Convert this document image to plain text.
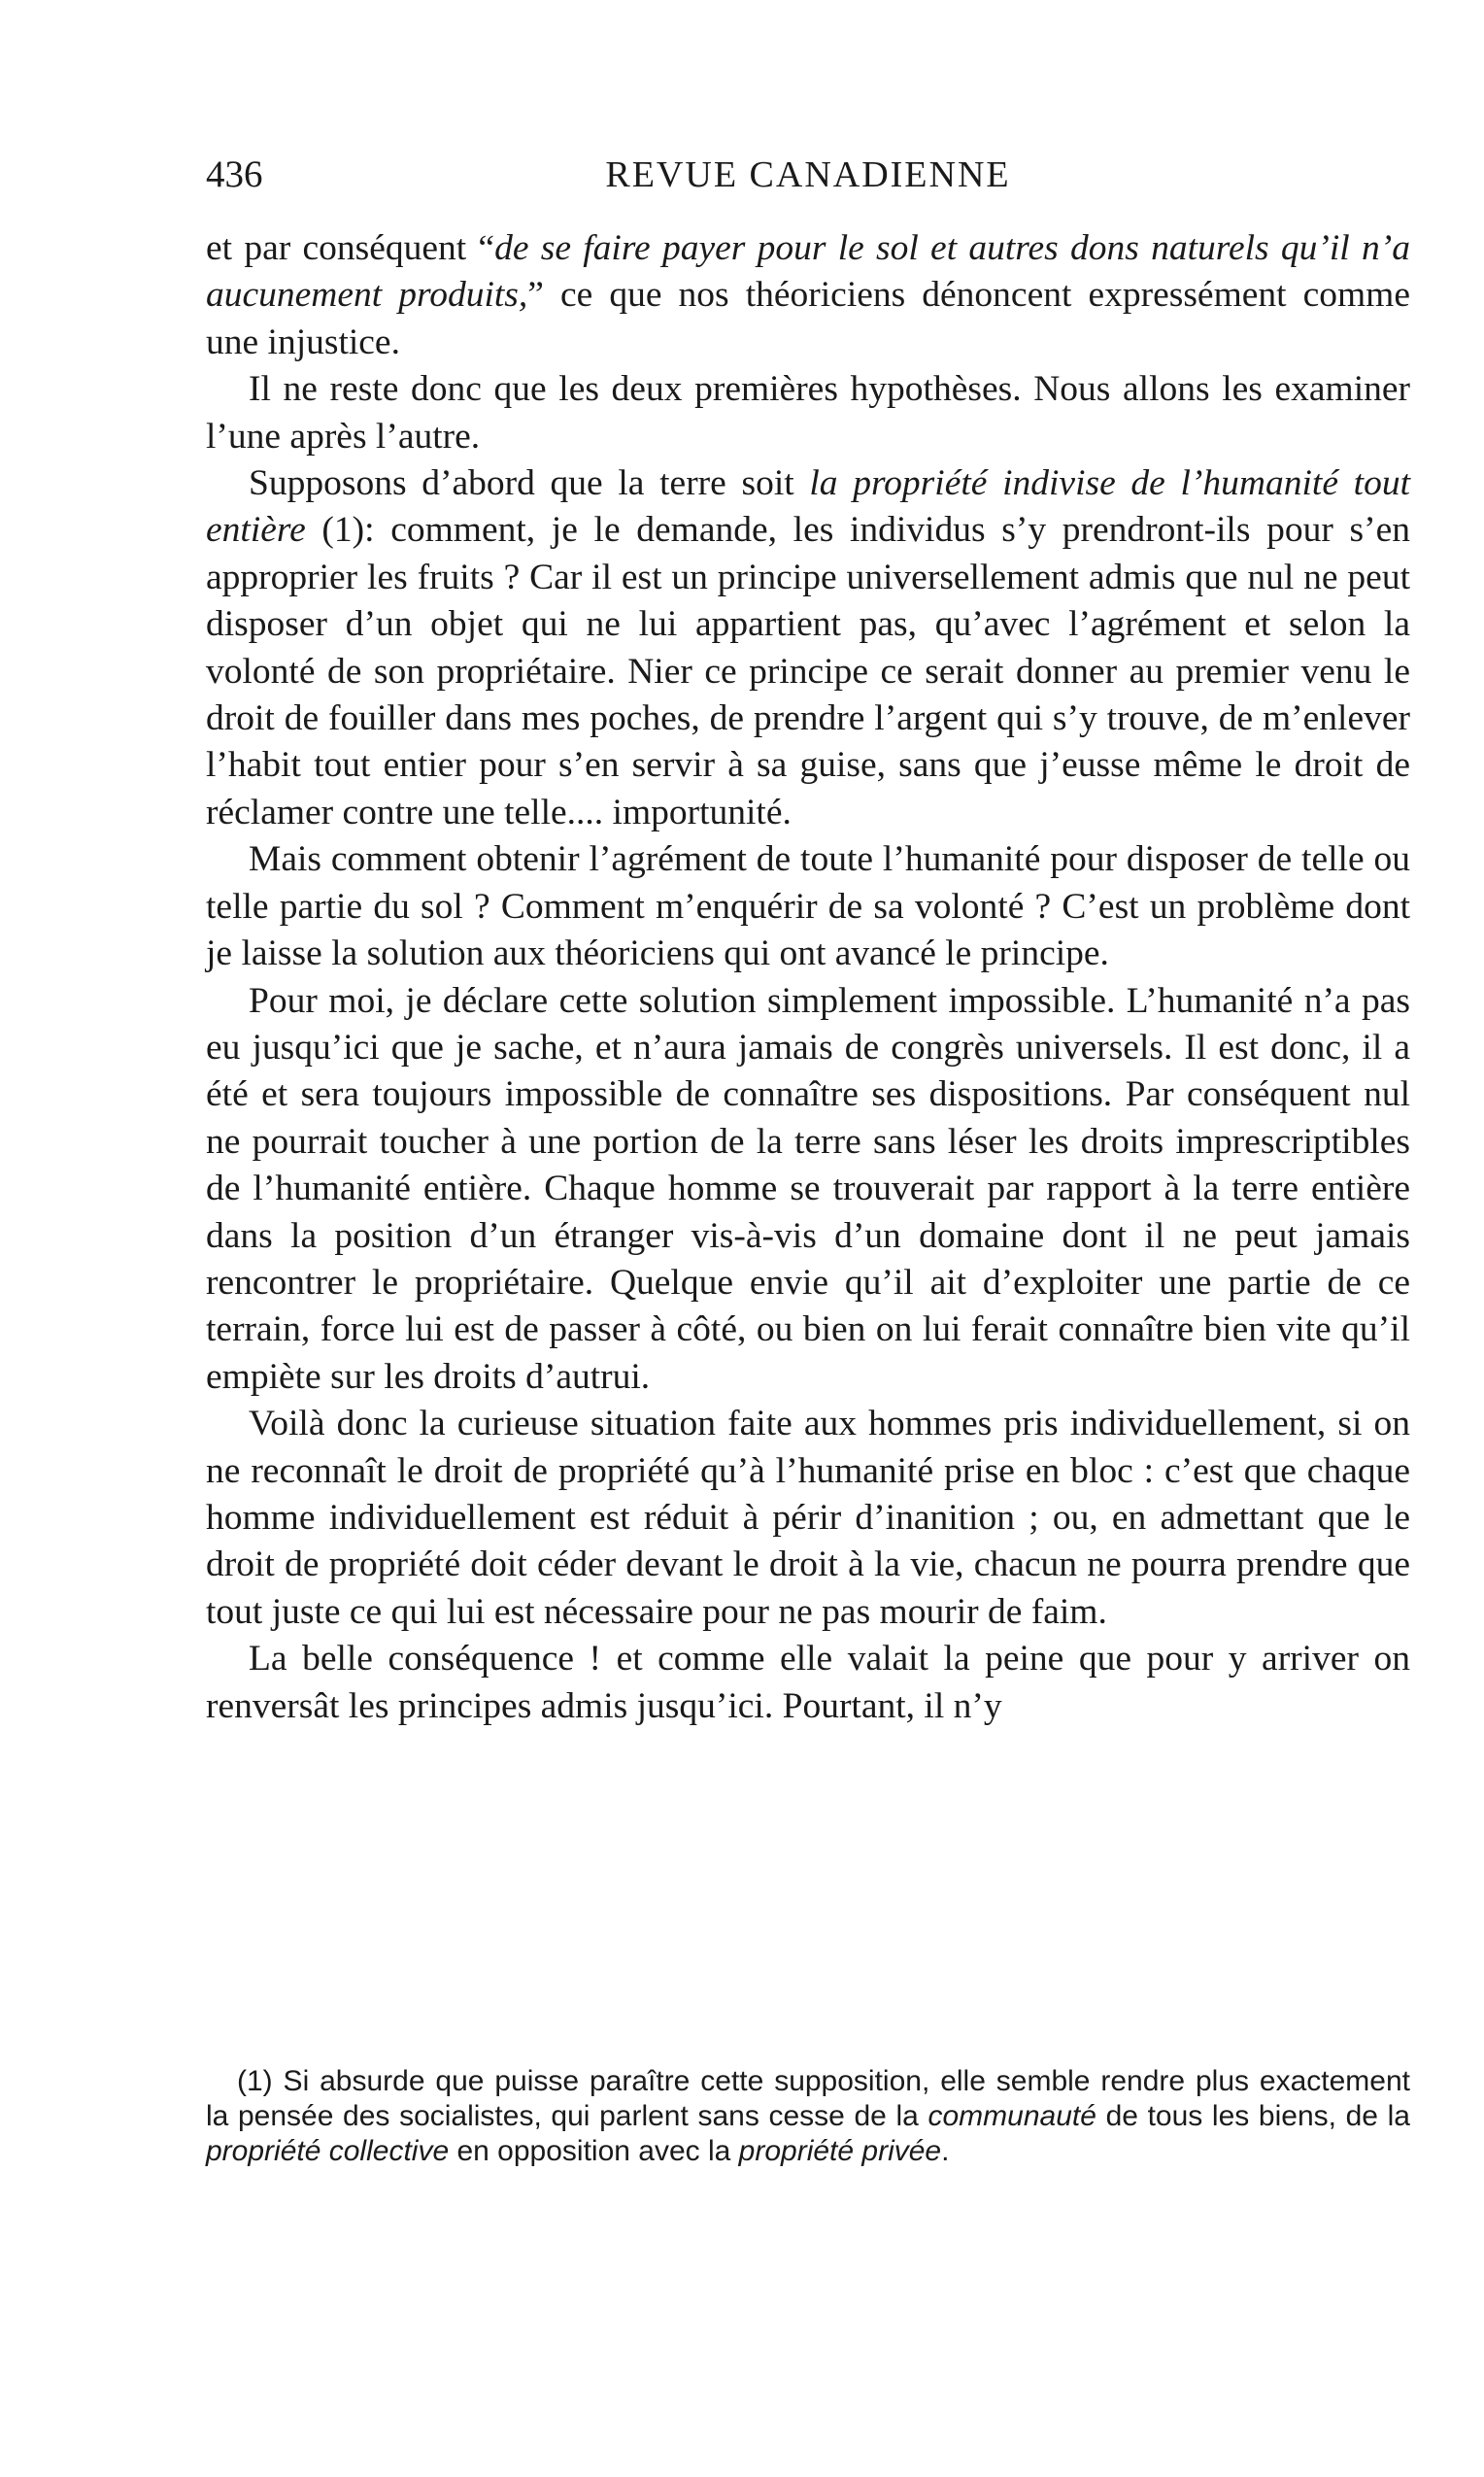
436	REVUE CANADIENNE

et par conséquent “de se faire payer pour le sol et autres dons naturels qu’il n’a aucunement produits,” ce que nos théoriciens dénoncent expressément comme une injustice.

Il ne reste donc que les deux premières hypothèses. Nous allons les examiner l’une après l’autre.

Supposons d’abord que la terre soit la propriété indivise de l’humanité tout entière (1): comment, je le demande, les individus s’y prendront-ils pour s’en approprier les fruits ? Car il est un principe universellement admis que nul ne peut disposer d’un objet qui ne lui appartient pas, qu’avec l’agrément et selon la volonté de son propriétaire. Nier ce principe ce serait donner au premier venu le droit de fouiller dans mes poches, de prendre l’argent qui s’y trouve, de m’enlever l’habit tout entier pour s’en servir à sa guise, sans que j’eusse même le droit de réclamer contre une telle.... importunité.

Mais comment obtenir l’agrément de toute l’humanité pour disposer de telle ou telle partie du sol ? Comment m’enquérir de sa volonté ? C’est un problème dont je laisse la solution aux théoriciens qui ont avancé le principe.

Pour moi, je déclare cette solution simplement impossible. L’humanité n’a pas eu jusqu’ici que je sache, et n’aura jamais de congrès universels. Il est donc, il a été et sera toujours impossible de connaître ses dispositions. Par conséquent nul ne pourrait toucher à une portion de la terre sans léser les droits imprescriptibles de l’humanité entière. Chaque homme se trouverait par rapport à la terre entière dans la position d’un étranger vis-à-vis d’un domaine dont il ne peut jamais rencontrer le propriétaire. Quelque envie qu’il ait d’exploiter une partie de ce terrain, force lui est de passer à côté, ou bien on lui ferait connaître bien vite qu’il empiète sur les droits d’autrui.

Voilà donc la curieuse situation faite aux hommes pris individuellement, si on ne reconnaît le droit de propriété qu’à l’humanité prise en bloc : c’est que chaque homme individuellement est réduit à périr d’inanition ; ou, en admettant que le droit de propriété doit céder devant le droit à la vie, chacun ne pourra prendre que tout juste ce qui lui est nécessaire pour ne pas mourir de faim.

La belle conséquence ! et comme elle valait la peine que pour y arriver on renversât les principes admis jusqu’ici. Pourtant, il n’y

(1) Si absurde que puisse paraître cette supposition, elle semble rendre plus exactement la pensée des socialistes, qui parlent sans cesse de la communauté de tous les biens, de la propriété collective en opposition avec la propriété privée.
